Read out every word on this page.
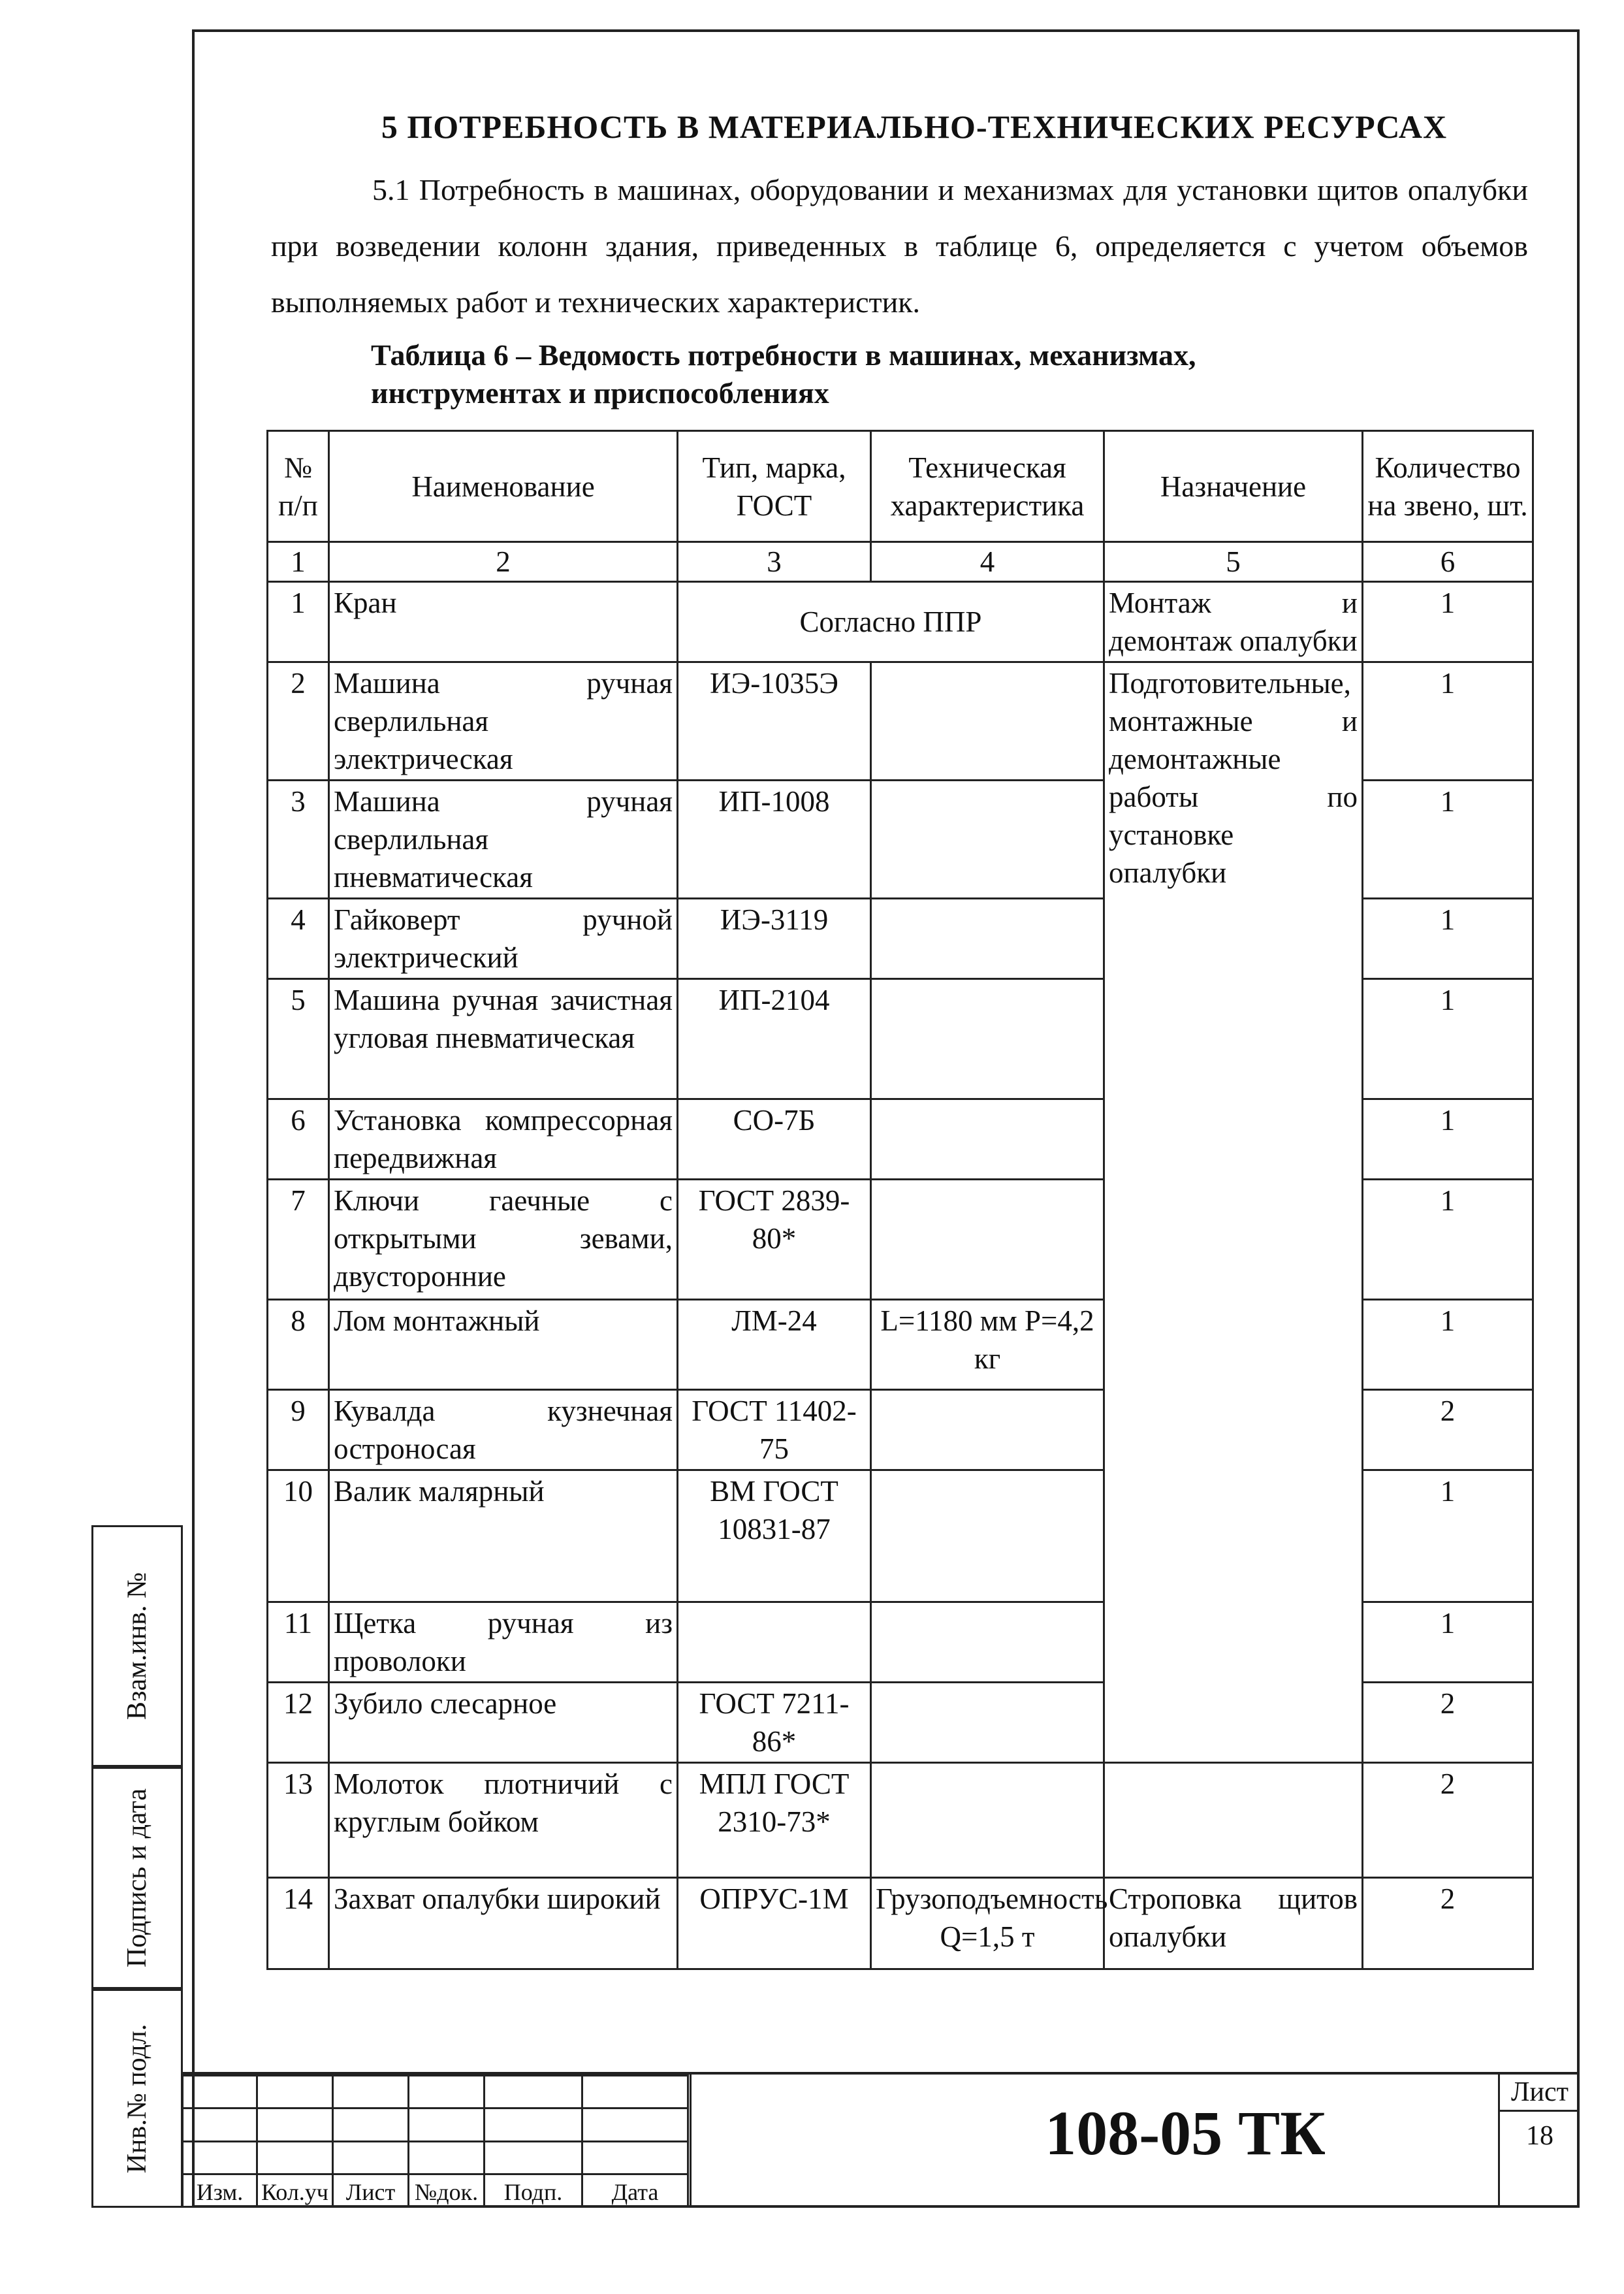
5 ПОТРЕБНОСТЬ В МАТЕРИАЛЬНО-ТЕХНИЧЕСКИХ РЕСУРСАХ
5.1 Потребность в машинах, оборудовании и механизмах для установки щитов опалубки при возведении колонн здания, приведенных в таблице 6, определяется с учетом объемов выполняемых работ и технических характеристик.
Таблица 6 – Ведомость потребности в машинах, механизмах,
инструментах и приспособлениях
№ п/п	Наименование	Тип, марка, ГОСТ	Техническая характеристика	Назначение	Количество на звено, шт.
1	2	3	4	5	6
1	Кран	Согласно ППР		Монтаж и демонтаж опалубки	1
2	Машина ручная сверлильная электрическая	ИЭ-1035Э		Подготовительные, монтажные и демонтажные работы по установке опалубки	1
3	Машина ручная сверлильная пневматическая	ИП-1008			1
4	Гайковерт ручной электрический	ИЭ-3119			1
5	Машина ручная зачистная угловая пневматическая	ИП-2104			1
6	Установка компрессорная передвижная	СО-7Б			1
7	Ключи гаечные с открытыми зевами, двусторонние	ГОСТ 2839-80*			1
8	Лом монтажный	ЛМ-24	L=1180 мм P=4,2 кг		1
9	Кувалда кузнечная остроносая	ГОСТ 11402-75			2
10	Валик малярный	ВМ ГОСТ 10831-87			1
11	Щетка ручная из проволоки				1
12	Зубило слесарное	ГОСТ 7211-86*			2
13	Молоток плотничий с круглым бойком	МПЛ ГОСТ 2310-73*			2
14	Захват опалубки широкий	ОПРУС-1М	Грузоподъемность Q=1,5 т	Строповка щитов опалубки	2
Взам.инв. №
Подпись и дата
Инв.№ подл.

Изм.	Кол.уч	Лист	№док.	Подп.	Дата
108-05 ТК
Лист
18
